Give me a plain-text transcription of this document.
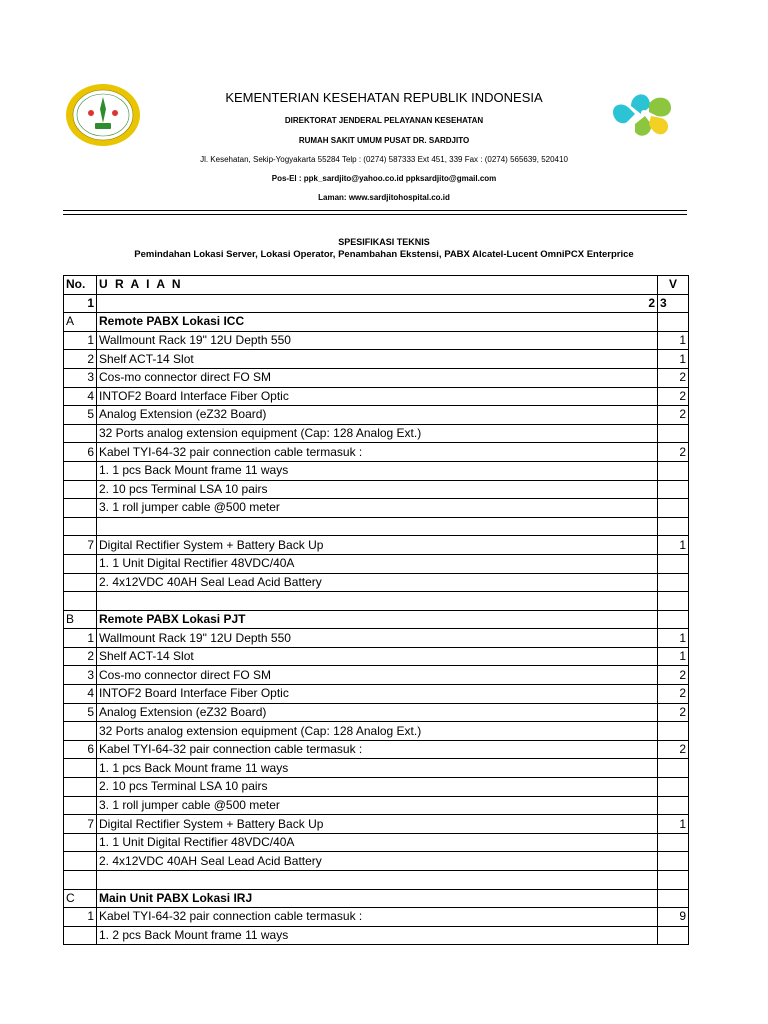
KEMENTERIAN KESEHATAN REPUBLIK INDONESIA
DIREKTORAT JENDERAL PELAYANAN KESEHATAN
RUMAH SAKIT UMUM PUSAT DR. SARDJITO
Jl. Kesehatan, Sekip-Yogyakarta 55284 Telp : (0274) 587333 Ext 451, 339 Fax : (0274) 565639, 520410
Pos-El : ppk_sardjito@yahoo.co.id ppksardjito@gmail.com
Laman: www.sardjitohospital.co.id
SPESIFIKASI TEKNIS
Pemindahan Lokasi Server, Lokasi Operator, Penambahan Ekstensi, PABX Alcatel-Lucent OmniPCX Enterprice
No.	U R A I A N	V
1	2	3
A	Remote PABX Lokasi ICC	
1	Wallmount Rack 19" 12U Depth 550	1
2	Shelf ACT-14 Slot	1
3	Cos-mo connector direct FO SM	2
4	INTOF2 Board Interface Fiber Optic	2
5	Analog Extension (eZ32 Board)	2
	32 Ports analog extension equipment (Cap: 128 Analog Ext.)	
6	Kabel TYI-64-32 pair connection cable termasuk :	2
	1. 1 pcs Back Mount frame 11 ways	
	2. 10 pcs Terminal LSA 10 pairs	
	3. 1 roll jumper cable @500 meter	

7	Digital Rectifier System + Battery Back Up	1
	1. 1 Unit Digital Rectifier 48VDC/40A	
	2. 4x12VDC 40AH Seal Lead Acid Battery	

B	Remote PABX Lokasi PJT	
1	Wallmount Rack 19" 12U Depth 550	1
2	Shelf ACT-14 Slot	1
3	Cos-mo connector direct FO SM	2
4	INTOF2 Board Interface Fiber Optic	2
5	Analog Extension (eZ32 Board)	2
	32 Ports analog extension equipment (Cap: 128 Analog Ext.)	
6	Kabel TYI-64-32 pair connection cable termasuk :	2
	1. 1 pcs Back Mount frame 11 ways	
	2. 10 pcs Terminal LSA 10 pairs	
	3. 1 roll jumper cable @500 meter	
7	Digital Rectifier System + Battery Back Up	1
	1. 1 Unit Digital Rectifier 48VDC/40A	
	2. 4x12VDC 40AH Seal Lead Acid Battery	

C	Main Unit PABX Lokasi IRJ	
1	Kabel TYI-64-32 pair connection cable termasuk :	9
	1. 2 pcs Back Mount frame 11 ways	
